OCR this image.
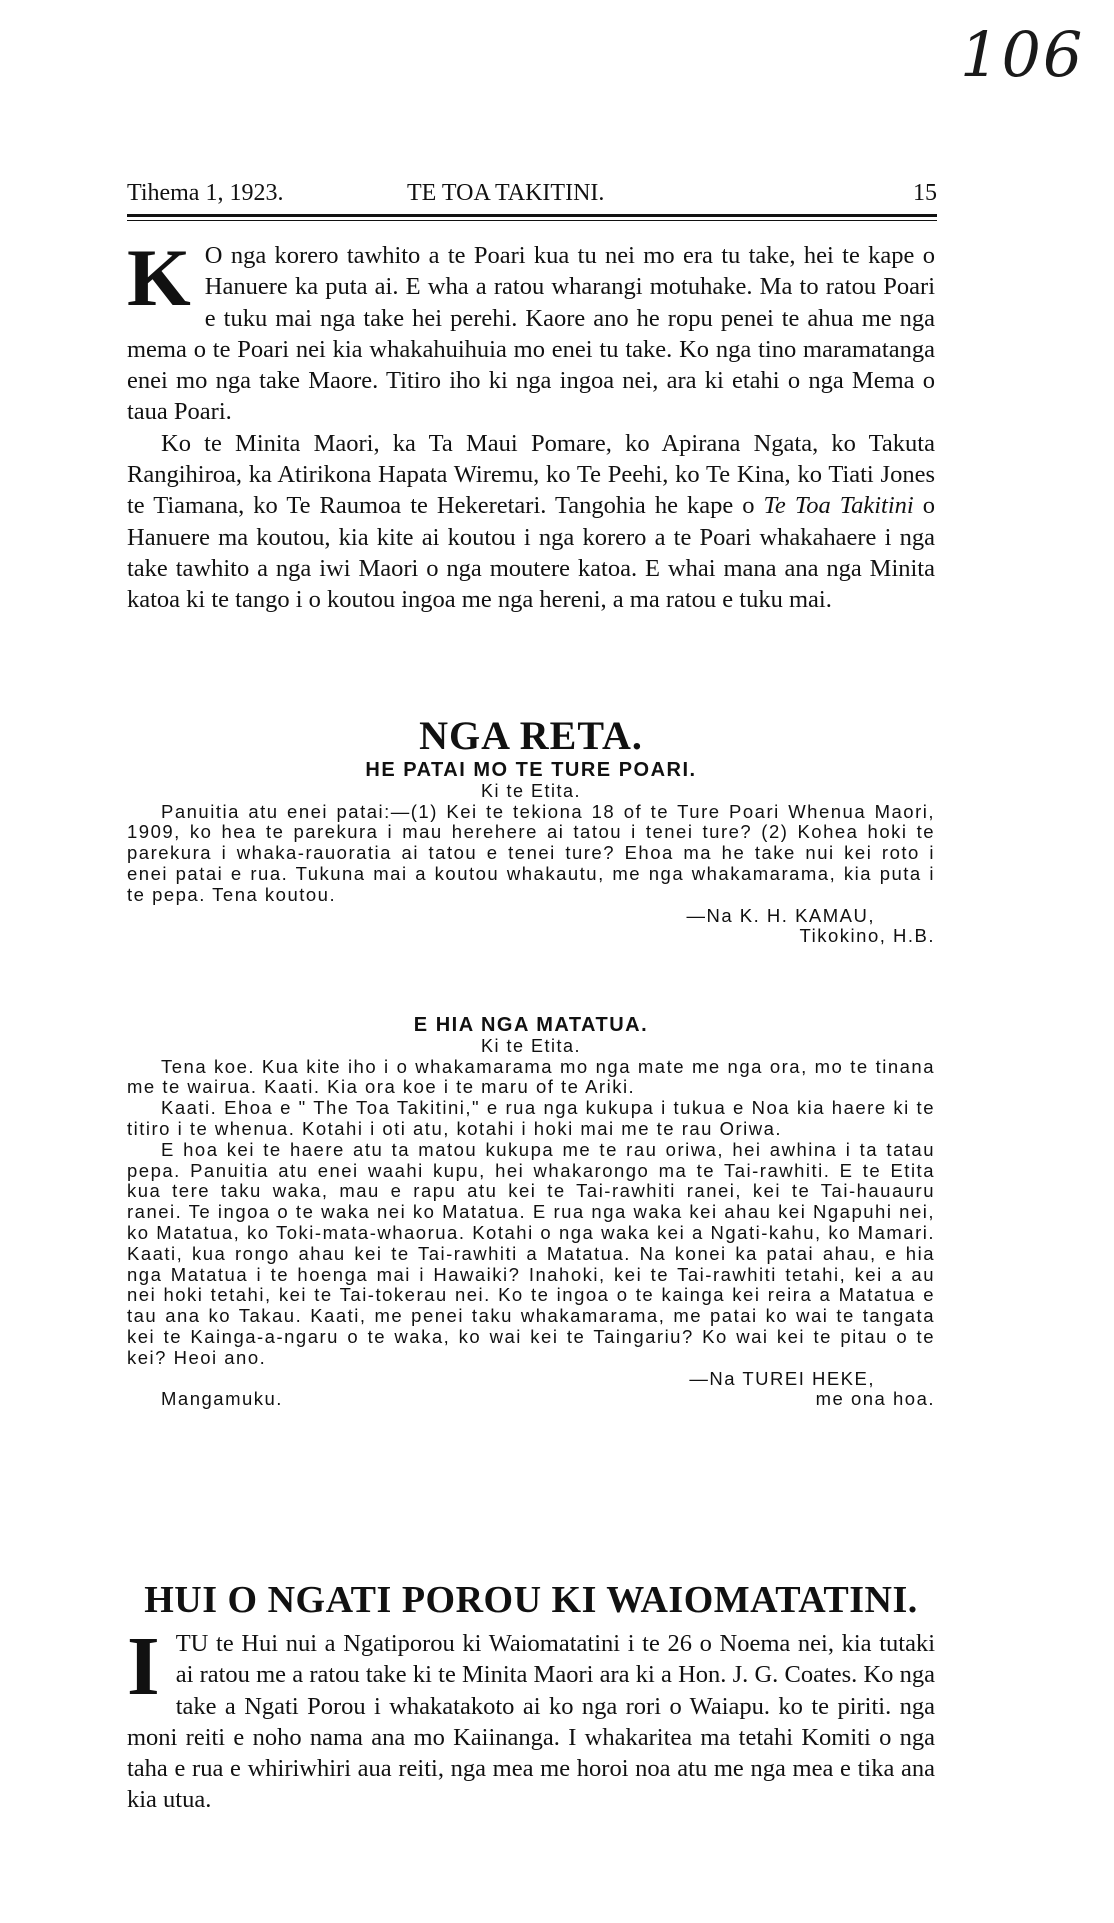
106
Tihema 1, 1923.	TE TOA TAKITINI.	15
K O nga korero tawhito a te Poari kua tu nei mo era tu take, hei te kape o Hanuere ka puta ai. E wha a ratou wharangi motuhake. Ma to ratou Poari e tuku mai nga take hei perehi. Kaore ano he ropu penei te ahua me nga mema o te Poari nei kia whakahuihuia mo enei tu take. Ko nga tino maramatanga enei mo nga take Maore. Titiro iho ki nga ingoa nei, ara ki etahi o nga Mema o taua Poari.

Ko te Minita Maori, ka Ta Maui Pomare, ko Apirana Ngata, ko Takuta Rangihiroa, ka Atirikona Hapata Wiremu, ko Te Peehi, ko Te Kina, ko Tiati Jones te Tiamana, ko Te Raumoa te Hekeretari. Tangohia he kape o Te Toa Takitini o Hanuere ma koutou, kia kite ai koutou i nga korero a te Poari whakahaere i nga take tawhito a nga iwi Maori o nga moutere katoa. E whai mana ana nga Minita katoa ki te tango i o koutou ingoa me nga hereni, a ma ratou e tuku mai.

NGA RETA.
HE PATAI MO TE TURE POARI.
Ki te Etita.

Panuitia atu enei patai:—(1) Kei te tekiona 18 of te Ture Poari Whenua Maori, 1909, ko hea te parekura i mau herehere ai tatou i tenei ture? (2) Kohea hoki te parekura i whaka-rauoratia ai tatou e tenei ture? Ehoa ma he take nui kei roto i enei patai e rua. Tukuna mai a koutou whakautu, me nga whakamarama, kia puta i te pepa. Tena koutou.

—Na K. H. KAMAU,
Tikokino, H.B.
E HIA NGA MATATUA.
Ki te Etita.

Tena koe. Kua kite iho i o whakamarama mo nga mate me nga ora, mo te tinana me te wairua. Kaati. Kia ora koe i te maru of te Ariki.

Kaati. Ehoa e " The Toa Takitini," e rua nga kukupa i tukua e Noa kia haere ki te titiro i te whenua. Kotahi i oti atu, kotahi i hoki mai me te rau Oriwa.

E hoa kei te haere atu ta matou kukupa me te rau oriwa, hei awhina i ta tatau pepa. Panuitia atu enei waahi kupu, hei whakarongo ma te Tai-rawhiti. E te Etita kua tere taku waka, mau e rapu atu kei te Tai-rawhiti ranei, kei te Tai-hauauru ranei. Te ingoa o te waka nei ko Matatua. E rua nga waka kei ahau kei Ngapuhi nei, ko Matatua, ko Toki-mata-whaorua. Kotahi o nga waka kei a Ngati-kahu, ko Mamari. Kaati, kua rongo ahau kei te Tai-rawhiti a Matatua. Na konei ka patai ahau, e hia nga Matatua i te hoenga mai i Hawaiki? Inahoki, kei te Tai-rawhiti tetahi, kei a au nei hoki tetahi, kei te Tai-tokerau nei. Ko te ingoa o te kainga kei reira a Matatua e tau ana ko Takau. Kaati, me penei taku whakamarama, me patai ko wai te tangata kei te Kainga-a-ngaru o te waka, ko wai kei te Taingariu? Ko wai kei te pitau o te kei? Heoi ano.

—Na TUREI HEKE,
Mangamuku.	me ona hoa.
HUI O NGATI POROU KI WAIOMATATINI.
I TU te Hui nui a Ngatiporou ki Waiomatatini i te 26 o Noema nei, kia tutaki ai ratou me a ratou take ki te Minita Maori ara ki a Hon. J. G. Coates. Ko nga take a Ngati Porou i whakatakoto ai ko nga rori o Waiapu. ko te piriti. nga moni reiti e noho nama ana mo Kaiinanga. I whakaritea ma tetahi Komiti o nga taha e rua e whiriwhiri aua reiti, nga mea me horoi noa atu me nga mea e tika ana kia utua.
